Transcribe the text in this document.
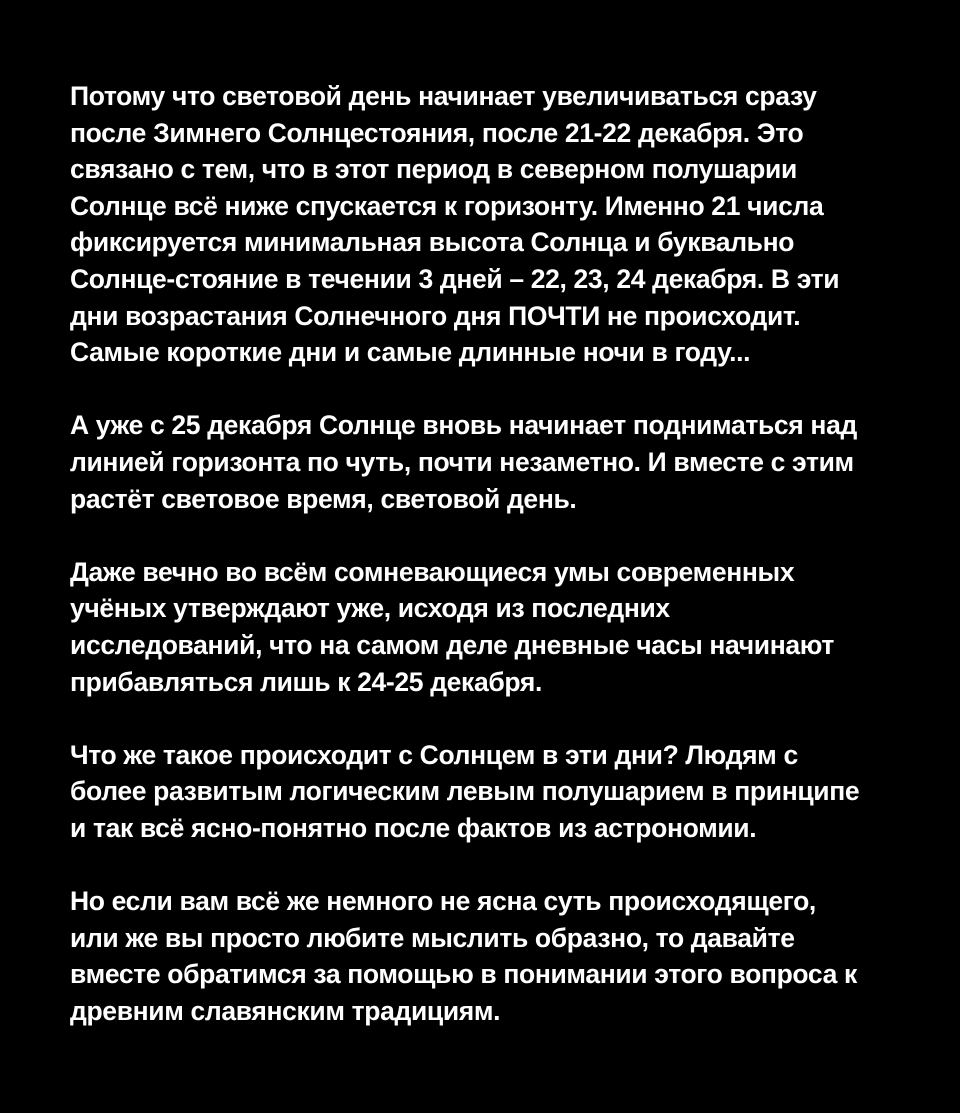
Потому что световой день начинает увеличиваться сразу
после Зимнего Солнцестояния, после 21-22 декабря. Это
связано с тем, что в этот период в северном полушарии
Солнце всё ниже спускается к горизонту. Именно 21 числа
фиксируется минимальная высота Солнца и буквально
Солнце-стояние в течении 3 дней – 22, 23, 24 декабря. В эти
дни возрастания Солнечного дня ПОЧТИ не происходит.
Самые короткие дни и самые длинные ночи в году...

А уже с 25 декабря Солнце вновь начинает подниматься над
линией горизонта по чуть, почти незаметно. И вместе с этим
растёт световое время, световой день.

Даже вечно во всём сомневающиеся умы современных
учёных утверждают уже, исходя из последних
исследований, что на самом деле дневные часы начинают
прибавляться лишь к 24-25 декабря.

Что же такое происходит с Солнцем в эти дни? Людям с
более развитым логическим левым полушарием в принципе
и так всё ясно-понятно после фактов из астрономии.

Но если вам всё же немного не ясна суть происходящего,
или же вы просто любите мыслить образно, то давайте
вместе обратимся за помощью в понимании этого вопроса к
древним славянским традициям.
